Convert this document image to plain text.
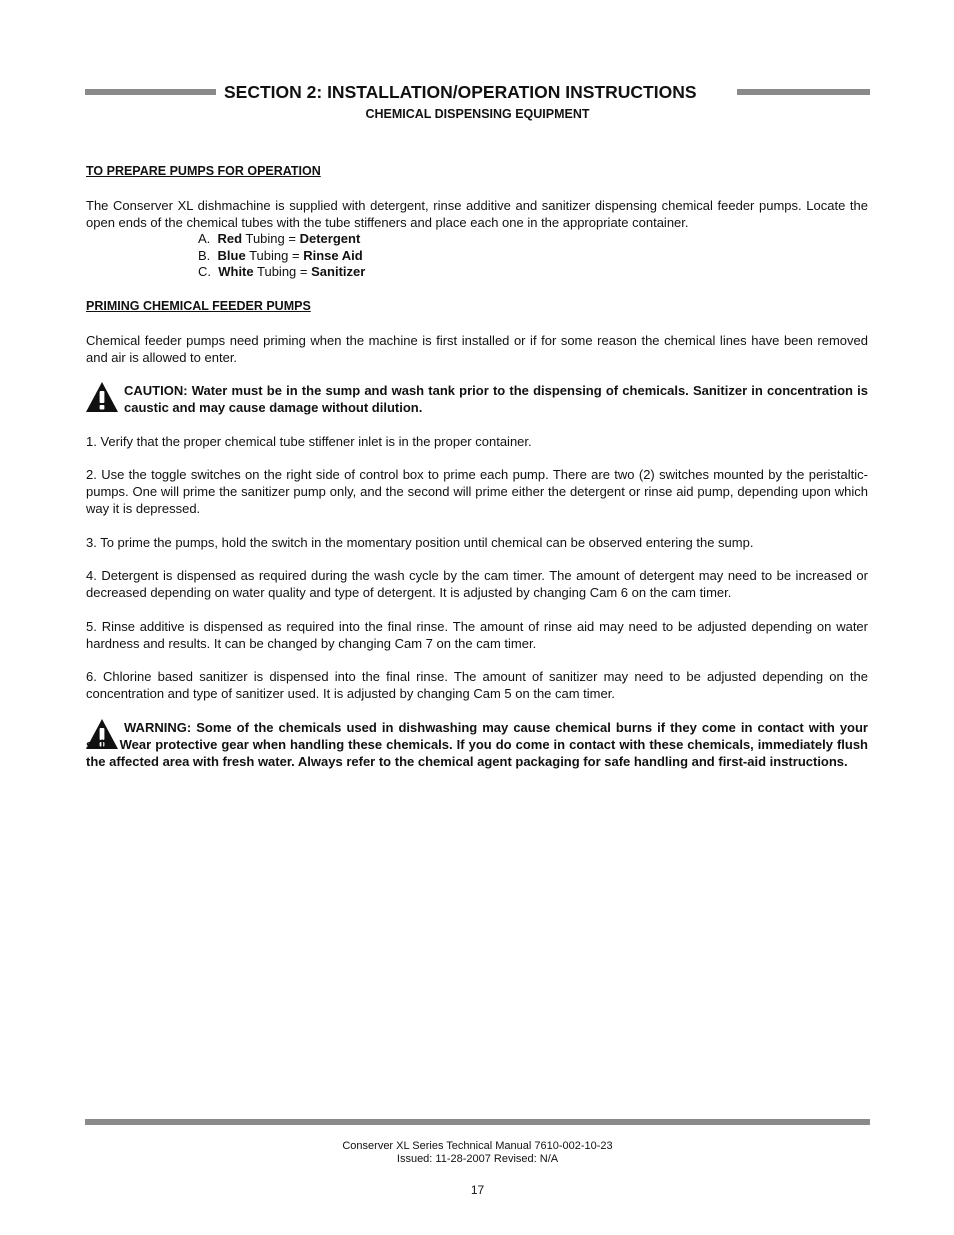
SECTION 2: INSTALLATION/OPERATION INSTRUCTIONS
CHEMICAL DISPENSING EQUIPMENT
TO PREPARE PUMPS FOR OPERATION
The Conserver XL dishmachine is supplied with detergent, rinse additive and sanitizer dispensing chemical feeder pumps. Locate the open ends of the chemical tubes with the tube stiffeners and place each one in the appropriate container.
A. Red Tubing = Detergent
B. Blue Tubing = Rinse Aid
C. White Tubing = Sanitizer
PRIMING CHEMICAL FEEDER PUMPS
Chemical feeder pumps need priming when the machine is first installed or if for some reason the chemical lines have been removed and air is allowed to enter.
CAUTION: Water must be in the sump and wash tank prior to the dispensing of chemicals. Sanitizer in concentration is caustic and may cause damage without dilution.
1. Verify that the proper chemical tube stiffener inlet is in the proper container.
2. Use the toggle switches on the right side of control box to prime each pump. There are two (2) switches mounted by the peristaltic-pumps. One will prime the sanitizer pump only, and the second will prime either the detergent or rinse aid pump, depending upon which way it is depressed.
3. To prime the pumps, hold the switch in the momentary position until chemical can be observed entering the sump.
4. Detergent is dispensed as required during the wash cycle by the cam timer. The amount of detergent may need to be increased or decreased depending on water quality and type of detergent. It is adjusted by changing Cam 6 on the cam timer.
5. Rinse additive is dispensed as required into the final rinse. The amount of rinse aid may need to be adjusted depending on water hardness and results. It can be changed by changing Cam 7 on the cam timer.
6. Chlorine based sanitizer is dispensed into the final rinse. The amount of sanitizer may need to be adjusted depending on the concentration and type of sanitizer used. It is adjusted by changing Cam 5 on the cam timer.
WARNING: Some of the chemicals used in dishwashing may cause chemical burns if they come in contact with your skin. Wear protective gear when handling these chemicals. If you do come in contact with these chemicals, immediately flush the affected area with fresh water. Always refer to the chemical agent packaging for safe handling and first-aid instructions.
Conserver XL Series Technical Manual 7610-002-10-23
Issued: 11-28-2007 Revised: N/A
17
